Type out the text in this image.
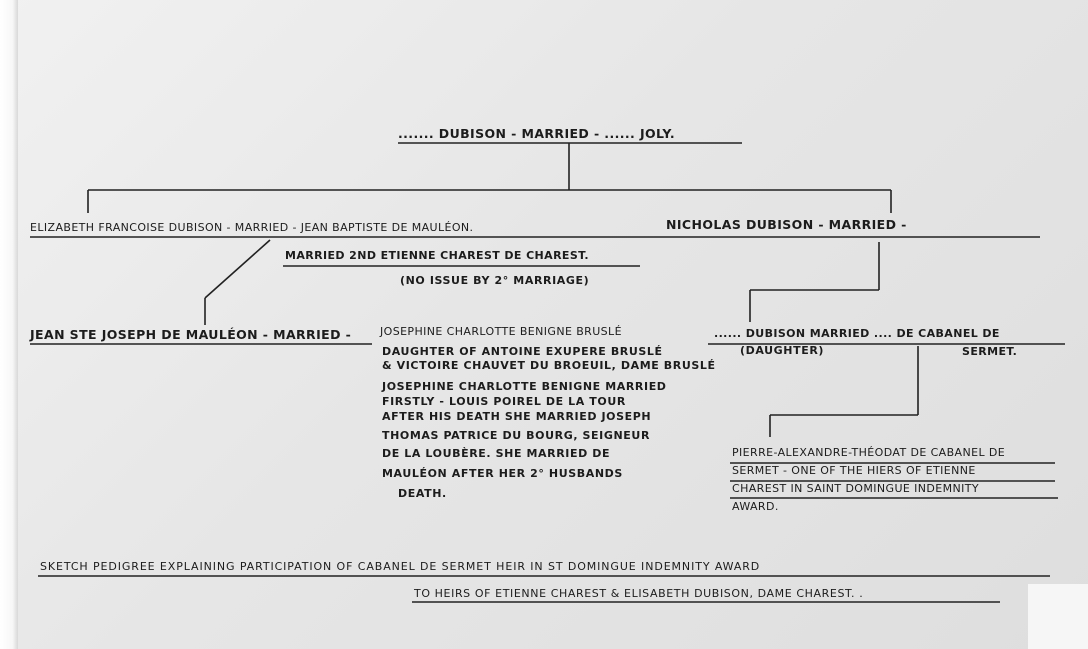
....... DUBISON - MARRIED - ...... JOLY.
ELIZABETH FRANCOISE DUBISON - MARRIED - JEAN BAPTISTE DE MAULÉON.	NICHOLAS DUBISON - MARRIED -
MARRIED 2ND ETIENNE CHAREST DE CHAREST.
(NO ISSUE BY 2° MARRIAGE)
JEAN STE JOSEPH DE MAULÉON - MARRIED -	JOSEPHINE CHARLOTTE BENIGNE BRUSLÉ
DAUGHTER OF ANTOINE EXUPERE BRUSLÉ
& VICTOIRE CHAUVET DU BROEUIL, DAME BRUSLÉ
JOSEPHINE CHARLOTTE BENIGNE MARRIED
FIRSTLY - LOUIS POIREL DE LA TOUR
AFTER HIS DEATH SHE MARRIED JOSEPH
THOMAS PATRICE DU BOURG, SEIGNEUR
DE LA LOUBÈRE. SHE MARRIED DE
MAULÉON AFTER HER 2° HUSBANDS
DEATH.
...... DUBISON MARRIED .... DE CABANEL DE
SERMET.
(DAUGHTER)
PIERRE-ALEXANDRE-THÉODAT DE CABANEL DE
SERMET - ONE OF THE HIERS OF ETIENNE
CHAREST IN SAINT DOMINGUE INDEMNITY
AWARD.
SKETCH PEDIGREE EXPLAINING PARTICIPATION OF CABANEL DE SERMET HEIR IN ST DOMINGUE INDEMNITY AWARD
TO HEIRS OF ETIENNE CHAREST & ELISABETH DUBISON, DAME CHAREST. .
